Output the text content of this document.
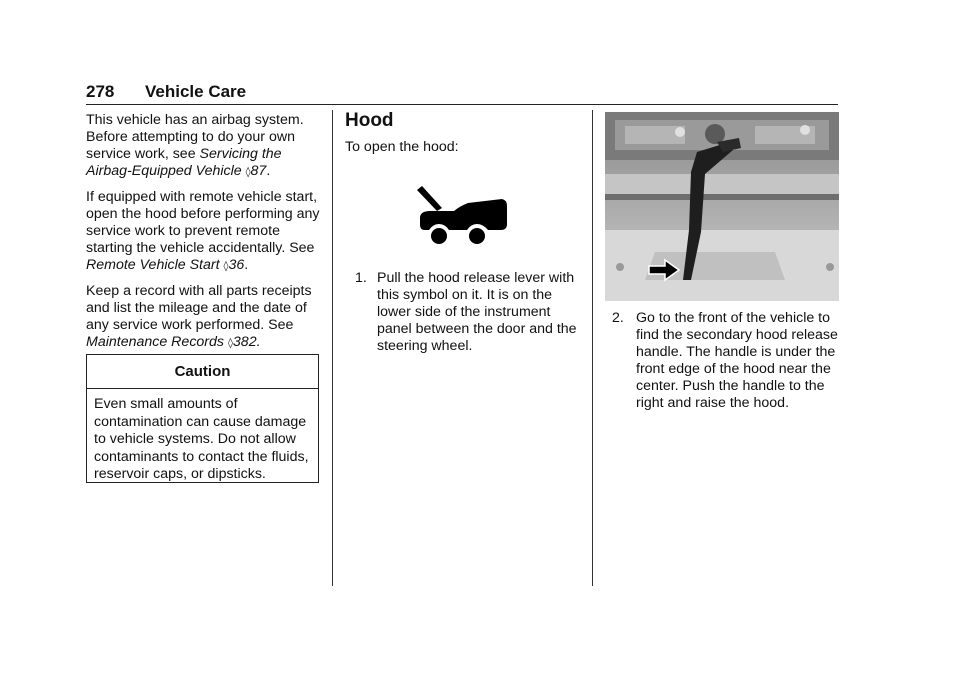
278 Vehicle Care

This vehicle has an airbag system. Before attempting to do your own service work, see Servicing the Airbag-Equipped Vehicle ◊87.

If equipped with remote vehicle start, open the hood before performing any service work to prevent remote starting the vehicle accidentally. See Remote Vehicle Start ◊36.

Keep a record with all parts receipts and list the mileage and the date of any service work performed. See Maintenance Records ◊382.

Caution
Even small amounts of contamination can cause damage to vehicle systems. Do not allow contaminants to contact the fluids, reservoir caps, or dipsticks.
Hood
To open the hood:
1. Pull the hood release lever with this symbol on it. It is on the lower side of the instrument panel between the door and the steering wheel.
2. Go to the front of the vehicle to find the secondary hood release handle. The handle is under the front edge of the hood near the center. Push the handle to the right and raise the hood.
